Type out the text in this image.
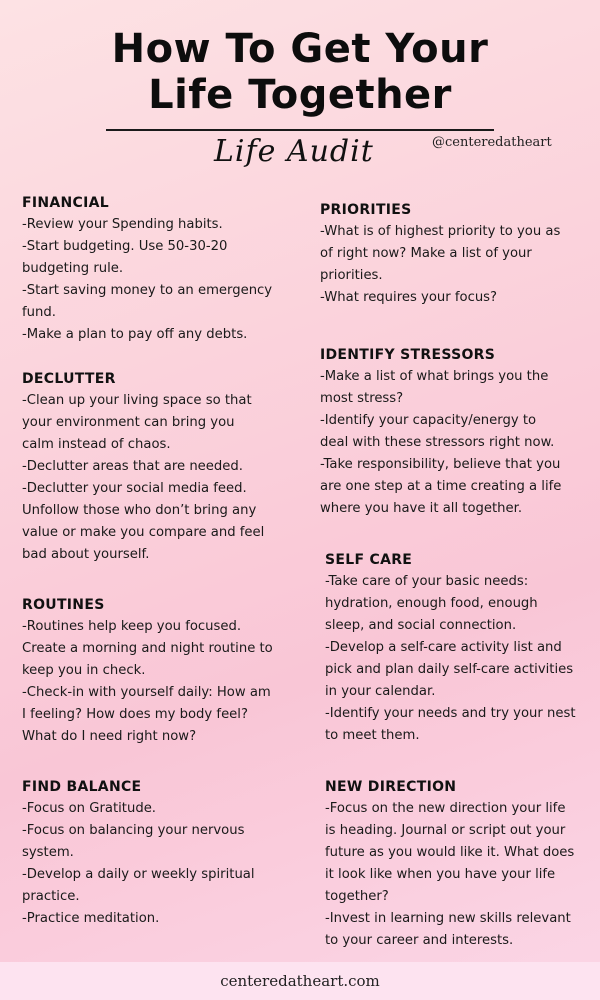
How To Get Your
Life Together
Life Audit	@centeredatheart
FINANCIAL

-Review your Spending habits.

-Start budgeting. Use 50-30-20

budgeting rule.

-Start saving money to an emergency

fund.

-Make a plan to pay off any debts.

DECLUTTER

-Clean up your living space so that

your environment can bring you

calm instead of chaos.

-Declutter areas that are needed.

-Declutter your social media feed.

Unfollow those who don’t bring any

value or make you compare and feel

bad about yourself.

ROUTINES

-Routines help keep you focused.

Create a morning and night routine to

keep you in check.

-Check-in with yourself daily: How am

I feeling? How does my body feel?

What do I need right now?

FIND BALANCE

-Focus on Gratitude.

-Focus on balancing your nervous

system.

-Develop a daily or weekly spiritual

practice.

-Practice meditation.

PRIORITIES

-What is of highest priority to you as

of right now? Make a list of your

priorities.

-What requires your focus?

IDENTIFY STRESSORS

-Make a list of what brings you the

most stress?

-Identify your capacity/energy to

deal with these stressors right now.

-Take responsibility, believe that you

are one step at a time creating a life

where you have it all together.

SELF CARE

-Take care of your basic needs:

hydration, enough food, enough

sleep, and social connection.

-Develop a self-care activity list and

pick and plan daily self-care activities

in your calendar.

-Identify your needs and try your nest

to meet them.

NEW DIRECTION

-Focus on the new direction your life

is heading. Journal or script out your

future as you would like it. What does

it look like when you have your life

together?

-Invest in learning new skills relevant

to your career and interests.

centeredatheart.com
